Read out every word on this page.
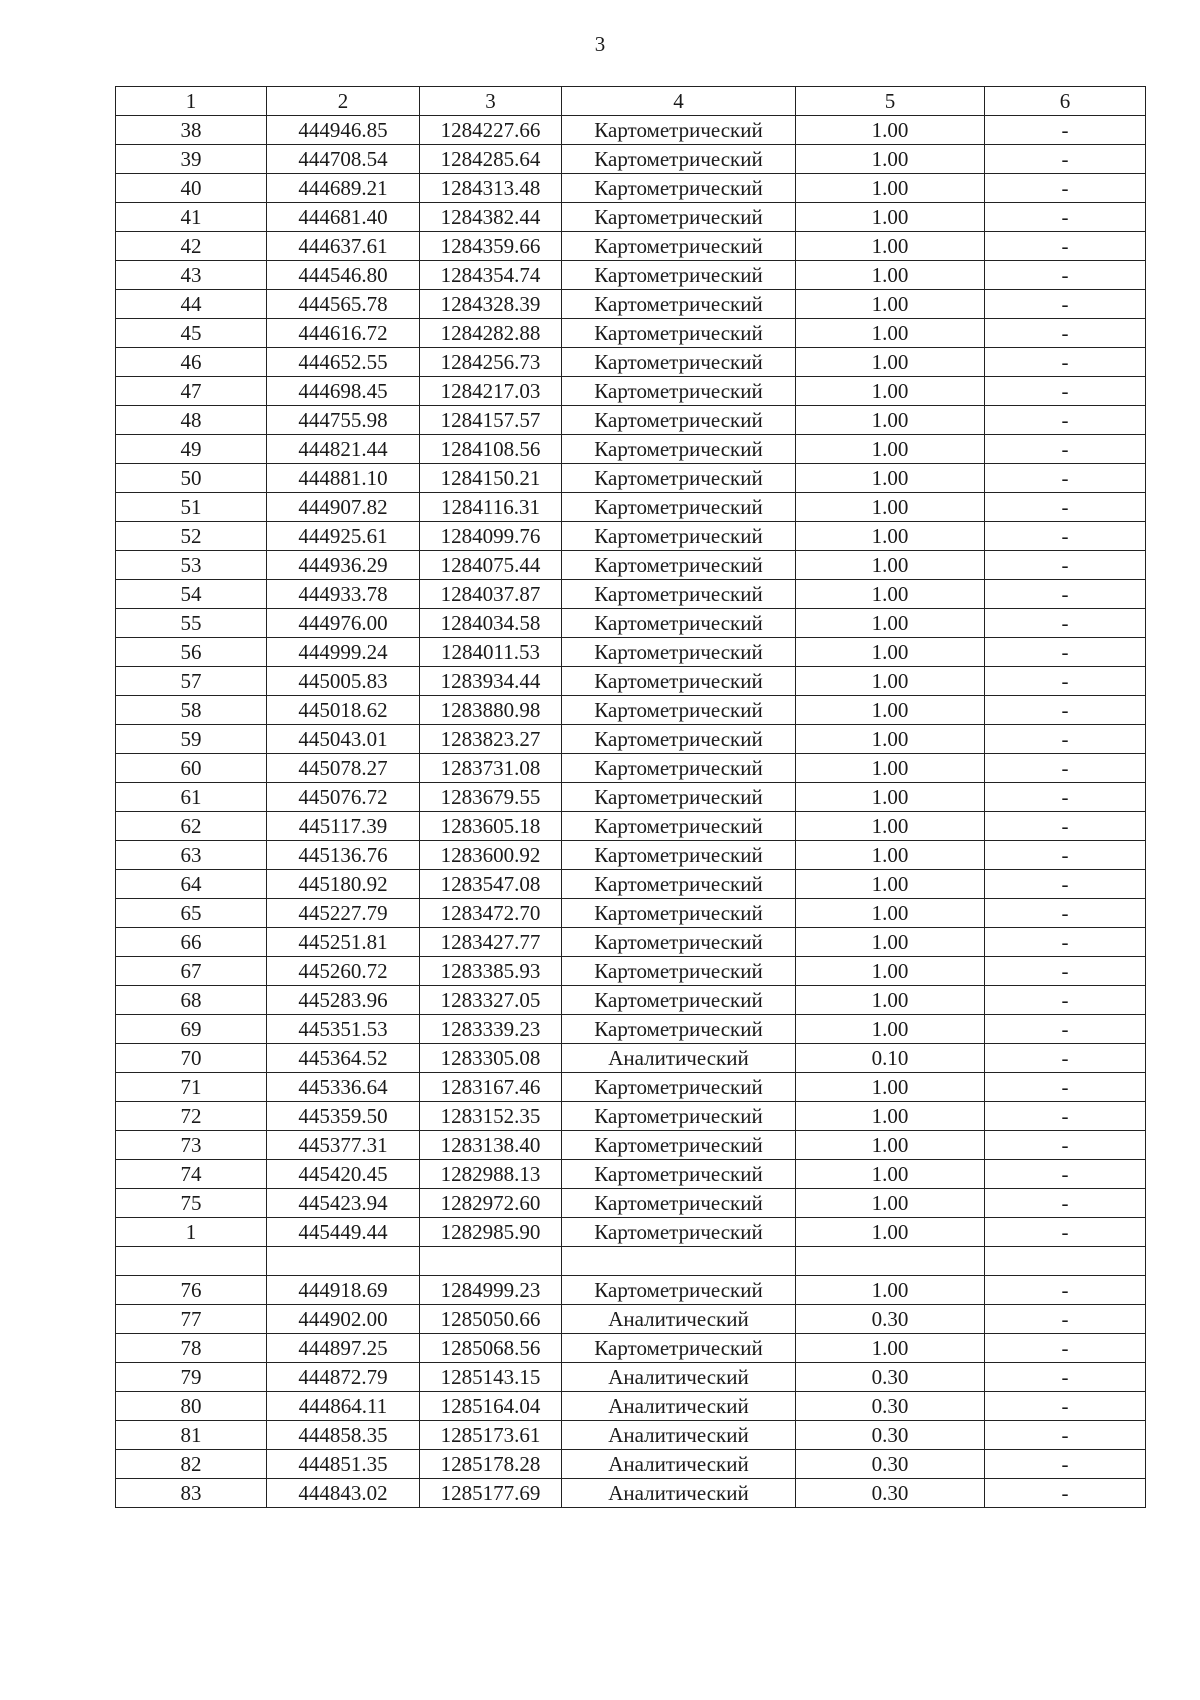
3
1	2	3	4	5	6
38	444946.85	1284227.66	Картометрический	1.00	-
39	444708.54	1284285.64	Картометрический	1.00	-
40	444689.21	1284313.48	Картометрический	1.00	-
41	444681.40	1284382.44	Картометрический	1.00	-
42	444637.61	1284359.66	Картометрический	1.00	-
43	444546.80	1284354.74	Картометрический	1.00	-
44	444565.78	1284328.39	Картометрический	1.00	-
45	444616.72	1284282.88	Картометрический	1.00	-
46	444652.55	1284256.73	Картометрический	1.00	-
47	444698.45	1284217.03	Картометрический	1.00	-
48	444755.98	1284157.57	Картометрический	1.00	-
49	444821.44	1284108.56	Картометрический	1.00	-
50	444881.10	1284150.21	Картометрический	1.00	-
51	444907.82	1284116.31	Картометрический	1.00	-
52	444925.61	1284099.76	Картометрический	1.00	-
53	444936.29	1284075.44	Картометрический	1.00	-
54	444933.78	1284037.87	Картометрический	1.00	-
55	444976.00	1284034.58	Картометрический	1.00	-
56	444999.24	1284011.53	Картометрический	1.00	-
57	445005.83	1283934.44	Картометрический	1.00	-
58	445018.62	1283880.98	Картометрический	1.00	-
59	445043.01	1283823.27	Картометрический	1.00	-
60	445078.27	1283731.08	Картометрический	1.00	-
61	445076.72	1283679.55	Картометрический	1.00	-
62	445117.39	1283605.18	Картометрический	1.00	-
63	445136.76	1283600.92	Картометрический	1.00	-
64	445180.92	1283547.08	Картометрический	1.00	-
65	445227.79	1283472.70	Картометрический	1.00	-
66	445251.81	1283427.77	Картометрический	1.00	-
67	445260.72	1283385.93	Картометрический	1.00	-
68	445283.96	1283327.05	Картометрический	1.00	-
69	445351.53	1283339.23	Картометрический	1.00	-
70	445364.52	1283305.08	Аналитический	0.10	-
71	445336.64	1283167.46	Картометрический	1.00	-
72	445359.50	1283152.35	Картометрический	1.00	-
73	445377.31	1283138.40	Картометрический	1.00	-
74	445420.45	1282988.13	Картометрический	1.00	-
75	445423.94	1282972.60	Картометрический	1.00	-
1	445449.44	1282985.90	Картометрический	1.00	-

76	444918.69	1284999.23	Картометрический	1.00	-
77	444902.00	1285050.66	Аналитический	0.30	-
78	444897.25	1285068.56	Картометрический	1.00	-
79	444872.79	1285143.15	Аналитический	0.30	-
80	444864.11	1285164.04	Аналитический	0.30	-
81	444858.35	1285173.61	Аналитический	0.30	-
82	444851.35	1285178.28	Аналитический	0.30	-
83	444843.02	1285177.69	Аналитический	0.30	-
